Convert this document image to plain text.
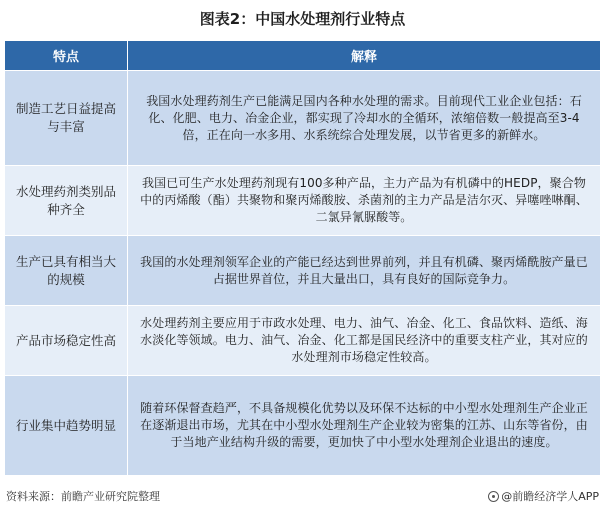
图表2：中国水处理剂行业特点
特点	解释
制造工艺日益提高与丰富	我国水处理药剂生产已能满足国内各种水处理的需求。目前现代工业企业包括：石化、化肥、电力、冶金企业，都实现了冷却水的全循环，浓缩倍数一般提高至3-4倍，正在向一水多用、水系统综合处理发展，以节省更多的新鲜水。
水处理药剂类别品种齐全	我国已可生产水处理药剂现有100多种产品，主力产品为有机磷中的HEDP，聚合物中的丙烯酸（酯）共聚物和聚丙烯酸胺、杀菌剂的主力产品是洁尔灭、异噻唑啉酮、二氯异氰脲酸等。
生产已具有相当大的规模	我国的水处理剂领军企业的产能已经达到世界前列，并且有机磷、聚丙烯酰胺产量已占据世界首位，并且大量出口，具有良好的国际竞争力。
产品市场稳定性高	水处理药剂主要应用于市政水处理、电力、油气、冶金、化工、食品饮料、造纸、海水淡化等领域。电力、油气、冶金、化工都是国民经济中的重要支柱产业，其对应的水处理剂市场稳定性较高。
行业集中趋势明显	随着环保督查趋严，不具备规模化优势以及环保不达标的中小型水处理剂生产企业正在逐渐退出市场，尤其在中小型水处理剂生产企业较为密集的江苏、山东等省份，由于当地产业结构升级的需要，更加快了中小型水处理剂企业退出的速度。
资料来源：前瞻产业研究院整理	@前瞻经济学人APP
